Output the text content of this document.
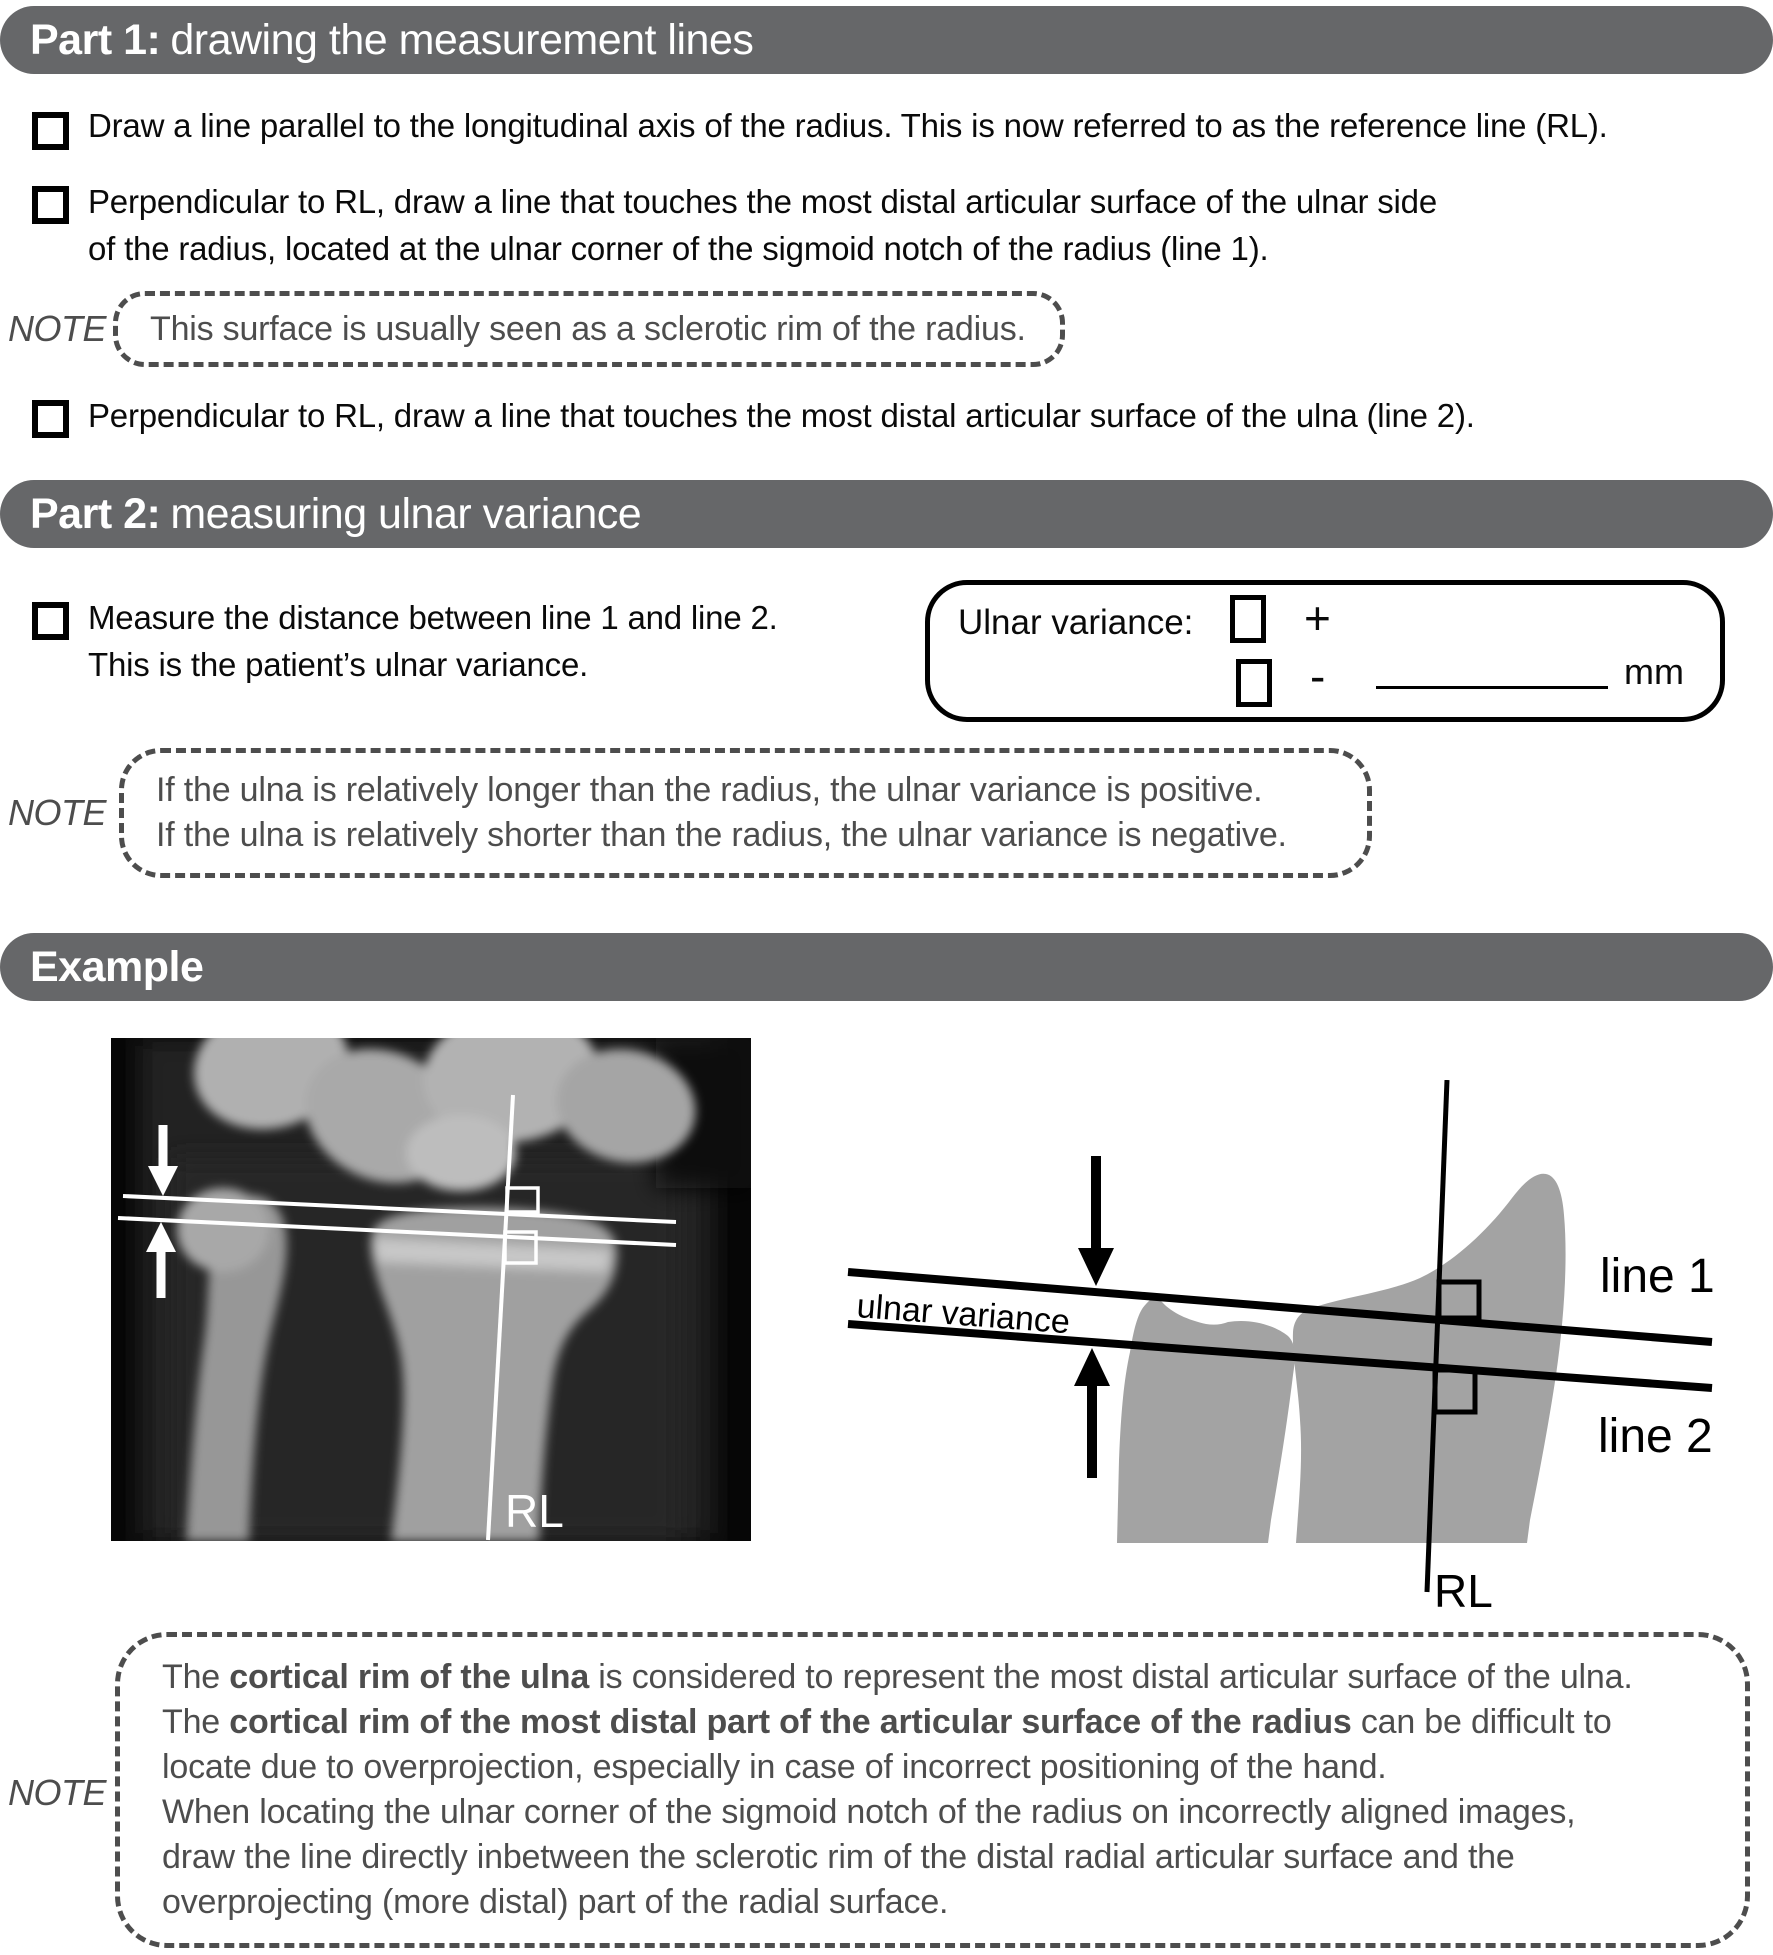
Part 1: drawing the measurement lines
Draw a line parallel to the longitudinal axis of the radius. This is now referred to as the reference line (RL).
Perpendicular to RL, draw a line that touches the most distal articular surface of the ulnar side
of the radius, located at the ulnar corner of the sigmoid notch of the radius (line 1).
NOTE This surface is usually seen as a sclerotic rim of the radius.
Perpendicular to RL, draw a line that touches the most distal articular surface of the ulna (line 2).
Part 2: measuring ulnar variance
Measure the distance between line 1 and line 2.
This is the patient’s ulnar variance.
Ulnar variance: +
-	mm
NOTE
If the ulna is relatively longer than the radius, the ulnar variance is positive.
If the ulna is relatively shorter than the radius, the ulnar variance is negative.
Example
RL
ulnar variance
line 1
line 2
RL
NOTE
The cortical rim of the ulna is considered to represent the most distal articular surface of the ulna.
The cortical rim of the most distal part of the articular surface of the radius can be difficult to
locate due to overprojection, especially in case of incorrect positioning of the hand.
When locating the ulnar corner of the sigmoid notch of the radius on incorrectly aligned images,
draw the line directly inbetween the sclerotic rim of the distal radial articular surface and the
overprojecting (more distal) part of the radial surface.
